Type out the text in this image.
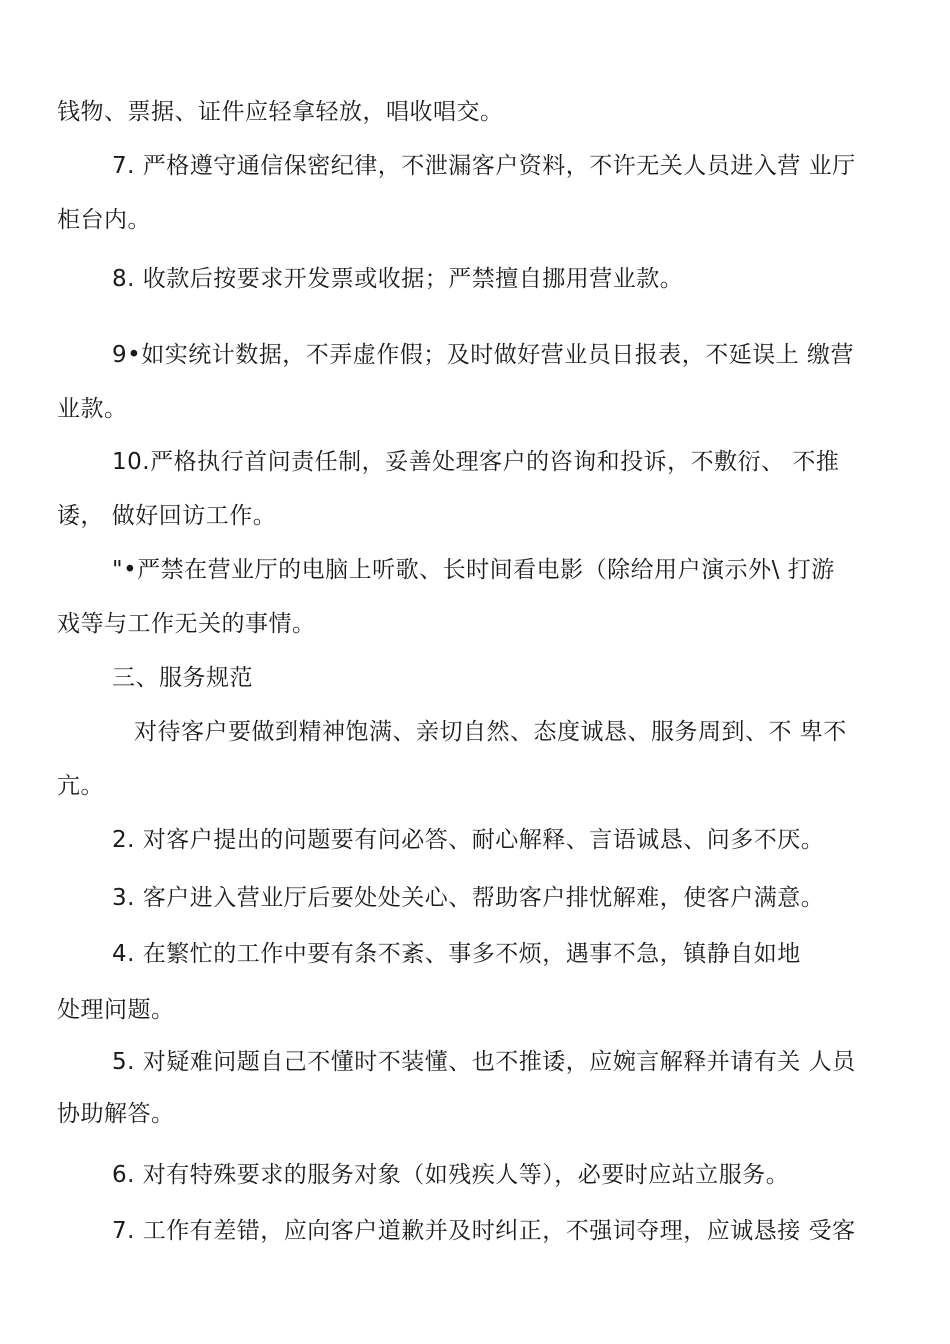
钱物、票据、证件应轻拿轻放，唱收唱交。
7. 严格遵守通信保密纪律，不泄漏客户资料，不许无关人员进入营 业厅
柜台内。
8. 收款后按要求开发票或收据；严禁擅自挪用营业款。
9•如实统计数据，不弄虚作假；及时做好营业员日报表，不延误上 缴营
业款。
10.严格执行首问责任制，妥善处理客户的咨询和投诉，不敷衍、 不推
诿， 做好回访工作。
"•严禁在营业厅的电脑上听歌、长时间看电影（除给用户演示外\ 打游
戏等与工作无关的事情。
三、服务规范
对待客户要做到精神饱满、亲切自然、态度诚恳、服务周到、不 卑不
亢。
2. 对客户提出的问题要有问必答、耐心解释、言语诚恳、问多不厌。
3. 客户进入营业厅后要处处关心、帮助客户排忧解难，使客户满意。
4. 在繁忙的工作中要有条不紊、事多不烦，遇事不急，镇静自如地
处理问题。
5. 对疑难问题自己不懂时不装懂、也不推诿，应婉言解释并请有关 人员
协助解答。
6. 对有特殊要求的服务对象（如残疾人等），必要时应站立服务。
7. 工作有差错，应向客户道歉并及时纠正，不强词夺理，应诚恳接 受客
